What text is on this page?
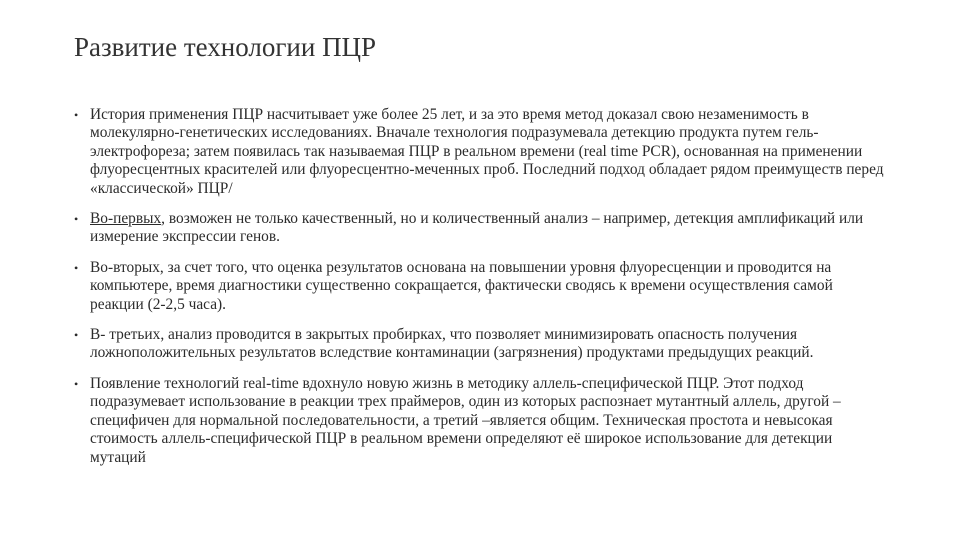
Развитие технологии ПЦР
• История применения ПЦР насчитывает уже более 25 лет, и за это время метод доказал свою незаменимость в молекулярно-генетических исследованиях. Вначале технология подразумевала детекцию продукта путем гель-электрофореза; затем появилась так называемая ПЦР в реальном времени (real time PCR), основанная на применении флуоресцентных красителей или флуоресцентно-меченных проб. Последний подход обладает рядом преимуществ перед «классической» ПЦР/
• Во-первых, возможен не только качественный, но и количественный анализ – например, детекция амплификаций или измерение экспрессии генов.
• Во-вторых, за счет того, что оценка результатов основана на повышении уровня флуоресценции и проводится на компьютере, время диагностики существенно сокращается, фактически сводясь к времени осуществления самой реакции (2-2,5 часа).
• В- третьих, анализ проводится в закрытых пробирках, что позволяет минимизировать опасность получения ложноположительных результатов вследствие контаминации (загрязнения) продуктами предыдущих реакций.
• Появление технологий real-time вдохнуло новую жизнь в методику аллель-специфической ПЦР. Этот подход подразумевает использование в реакции трех праймеров, один из которых распознает мутантный аллель, другой – специфичен для нормальной последовательности, а третий –является общим. Техническая простота и невысокая стоимость аллель-специфической ПЦР в реальном времени определяют её широкое использование для детекции мутаций
